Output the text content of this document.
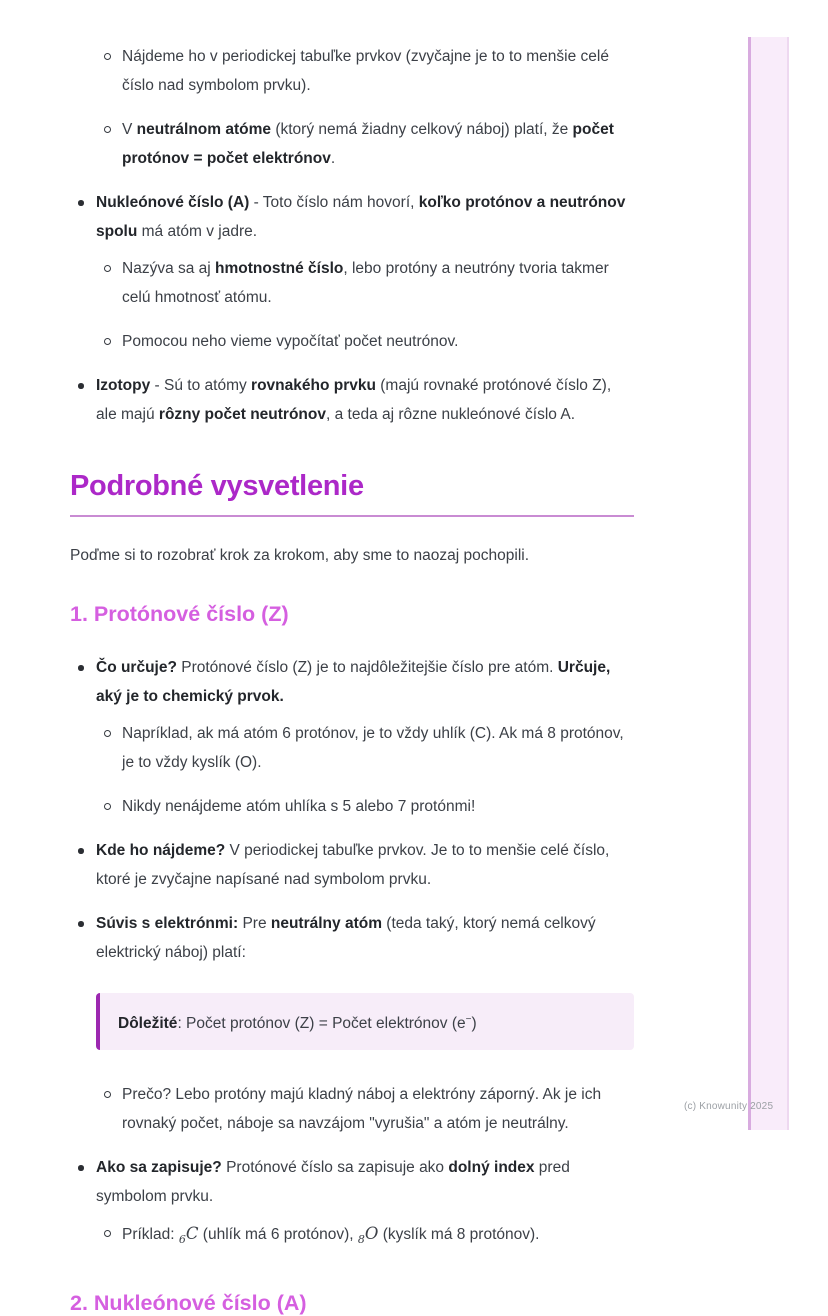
(c) Knowunity 2025
Nájdeme ho v periodickej tabuľke prvkov (zvyčajne je to to menšie celé číslo nad symbolom prvku).
V neutrálnom atóme (ktorý nemá žiadny celkový náboj) platí, že počet protónov = počet elektrónov.
Nukleónové číslo (A) - Toto číslo nám hovorí, koľko protónov a neutrónov spolu má atóm v jadre.
Nazýva sa aj hmotnostné číslo, lebo protóny a neutróny tvoria takmer celú hmotnosť atómu.
Pomocou neho vieme vypočítať počet neutrónov.
Izotopy - Sú to atómy rovnakého prvku (majú rovnaké protónové číslo Z), ale majú rôzny počet neutrónov, a teda aj rôzne nukleónové číslo A.
Podrobné vysvetlenie

Poďme si to rozobrať krok za krokom, aby sme to naozaj pochopili.

1. Protónové číslo (Z)
Čo určuje? Protónové číslo (Z) je to najdôležitejšie číslo pre atóm. Určuje, aký je to chemický prvok.
Napríklad, ak má atóm 6 protónov, je to vždy uhlík (C). Ak má 8 protónov, je to vždy kyslík (O).
Nikdy nenájdeme atóm uhlíka s 5 alebo 7 protónmi!
Kde ho nájdeme? V periodickej tabuľke prvkov. Je to to menšie celé číslo, ktoré je zvyčajne napísané nad symbolom prvku.
Súvis s elektrónmi: Pre neutrálny atóm (teda taký, ktorý nemá celkový elektrický náboj) platí:
Dôležité: Počet protónov (Z) = Počet elektrónov (e−)
Prečo? Lebo protóny majú kladný náboj a elektróny záporný. Ak je ich rovnaký počet, náboje sa navzájom "vyrušia" a atóm je neutrálny.
Ako sa zapisuje? Protónové číslo sa zapisuje ako dolný index pred symbolom prvku.
Príklad: $_6$C (uhlík má 6 protónov), $_8$O (kyslík má 8 protónov).
2. Nukleónové číslo (A)
